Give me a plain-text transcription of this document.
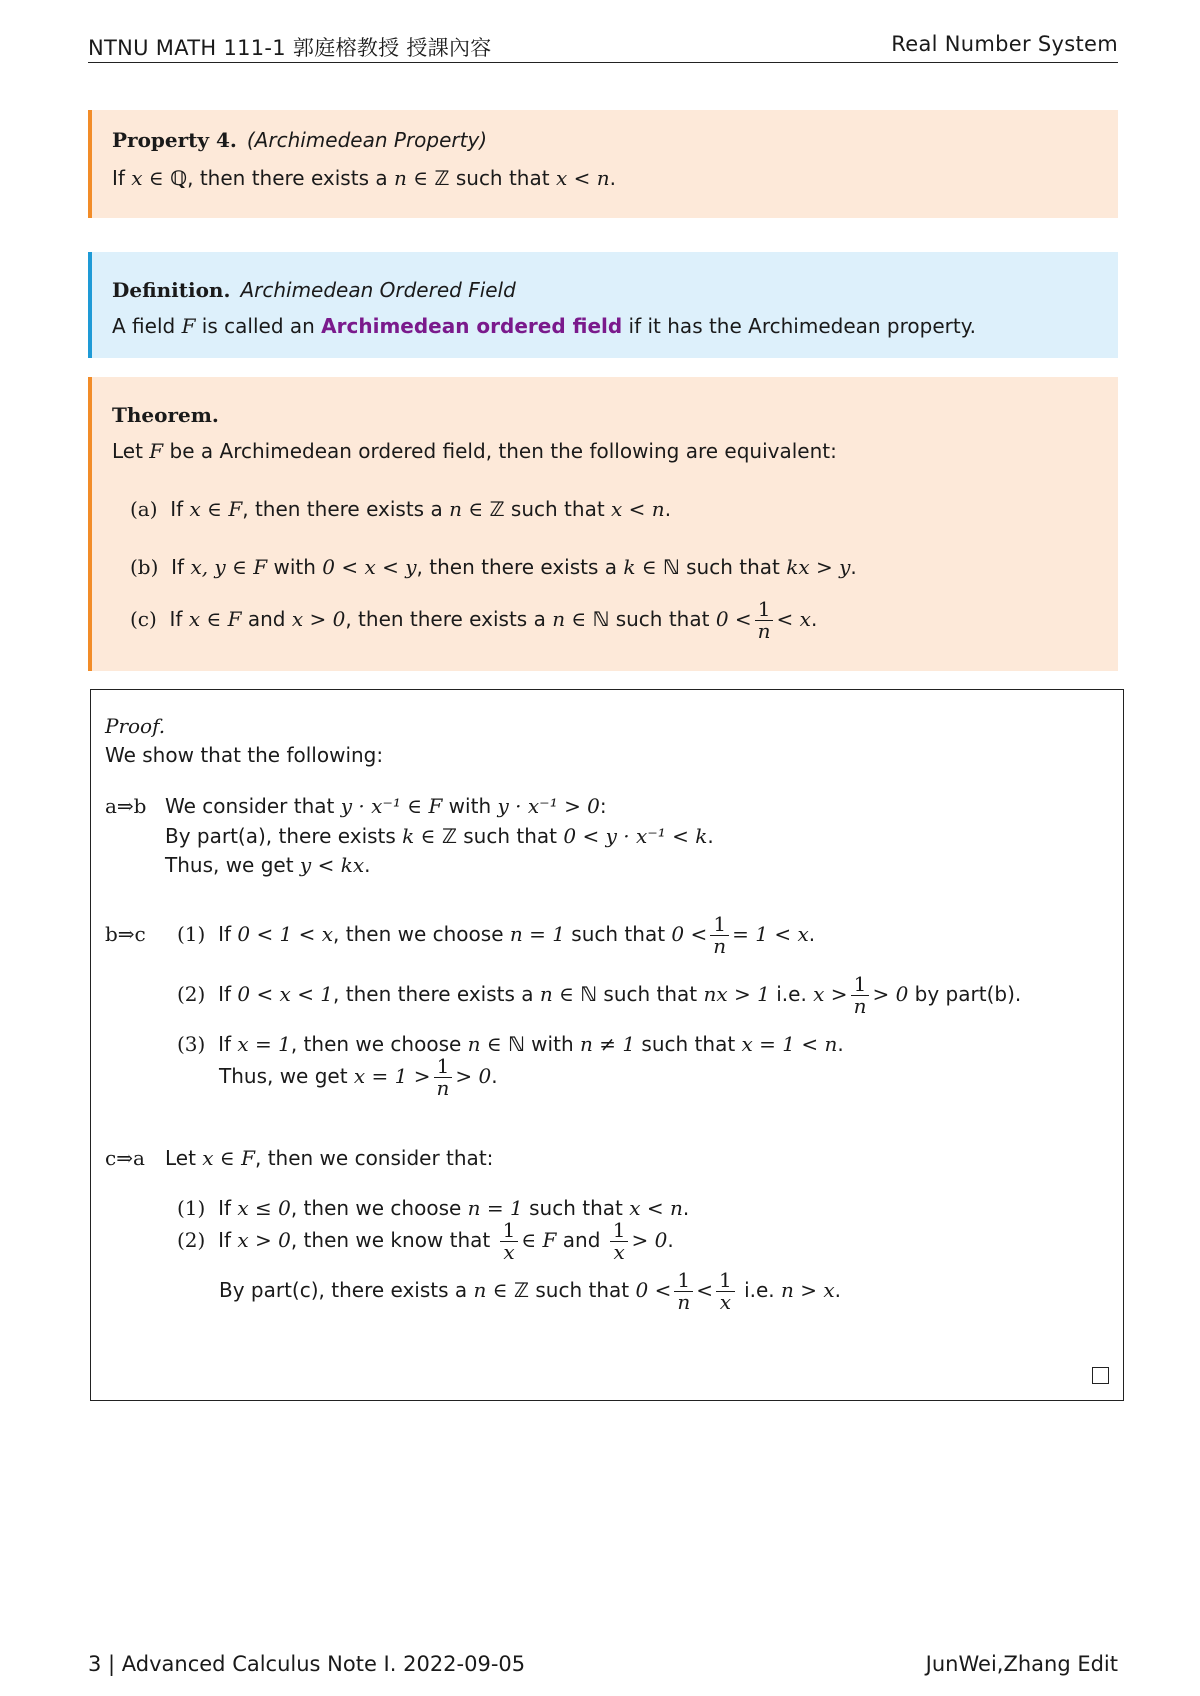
NTNU MATH 111-1 郭庭榕教授 授課內容	Real Number System
Property 4. (Archimedean Property)
If x ∈ ℚ, then there exists a n ∈ ℤ such that x < n.
Definition. Archimedean Ordered Field
A field F is called an Archimedean ordered field if it has the Archimedean property.
Theorem.
Let F be a Archimedean ordered field, then the following are equivalent:
(a) If x ∈ F, then there exists a n ∈ ℤ such that x < n.
(b) If x, y ∈ F with 0 < x < y, then there exists a k ∈ ℕ such that kx > y.
(c) If x ∈ F and x > 0, then there exists a n ∈ ℕ such that $0 < \frac{1}{n} < x$.
Proof.
We show that the following:
a⇒b We consider that y · x⁻¹ ∈ F with y · x⁻¹ > 0:
By part(a), there exists k ∈ ℤ such that 0 < y · x⁻¹ < k.
Thus, we get y < kx.
b⇒c (1) If 0 < 1 < x, then we choose n = 1 such that $0 < \frac{1}{n} = 1 < x$.
(2) If 0 < x < 1, then there exists a n ∈ ℕ such that nx > 1 i.e. $x > \frac{1}{n} > 0$ by part(b).
(3) If x = 1, then we choose n ∈ ℕ with n ≠ 1 such that x = 1 < n.
Thus, we get $x = 1 > \frac{1}{n} > 0$.
c⇒a Let x ∈ F, then we consider that:
(1) If x ≤ 0, then we choose n = 1 such that x < n.
(2) If x > 0, then we know that $\frac{1}{x}$ ∈ F and $\frac{1}{x} > 0$.
By part(c), there exists a n ∈ ℤ such that $0 < \frac{1}{n} < \frac{1}{x} i.e$. n > x.
3 | Advanced Calculus Note I. 2022-09-05	JunWei,Zhang Edit
